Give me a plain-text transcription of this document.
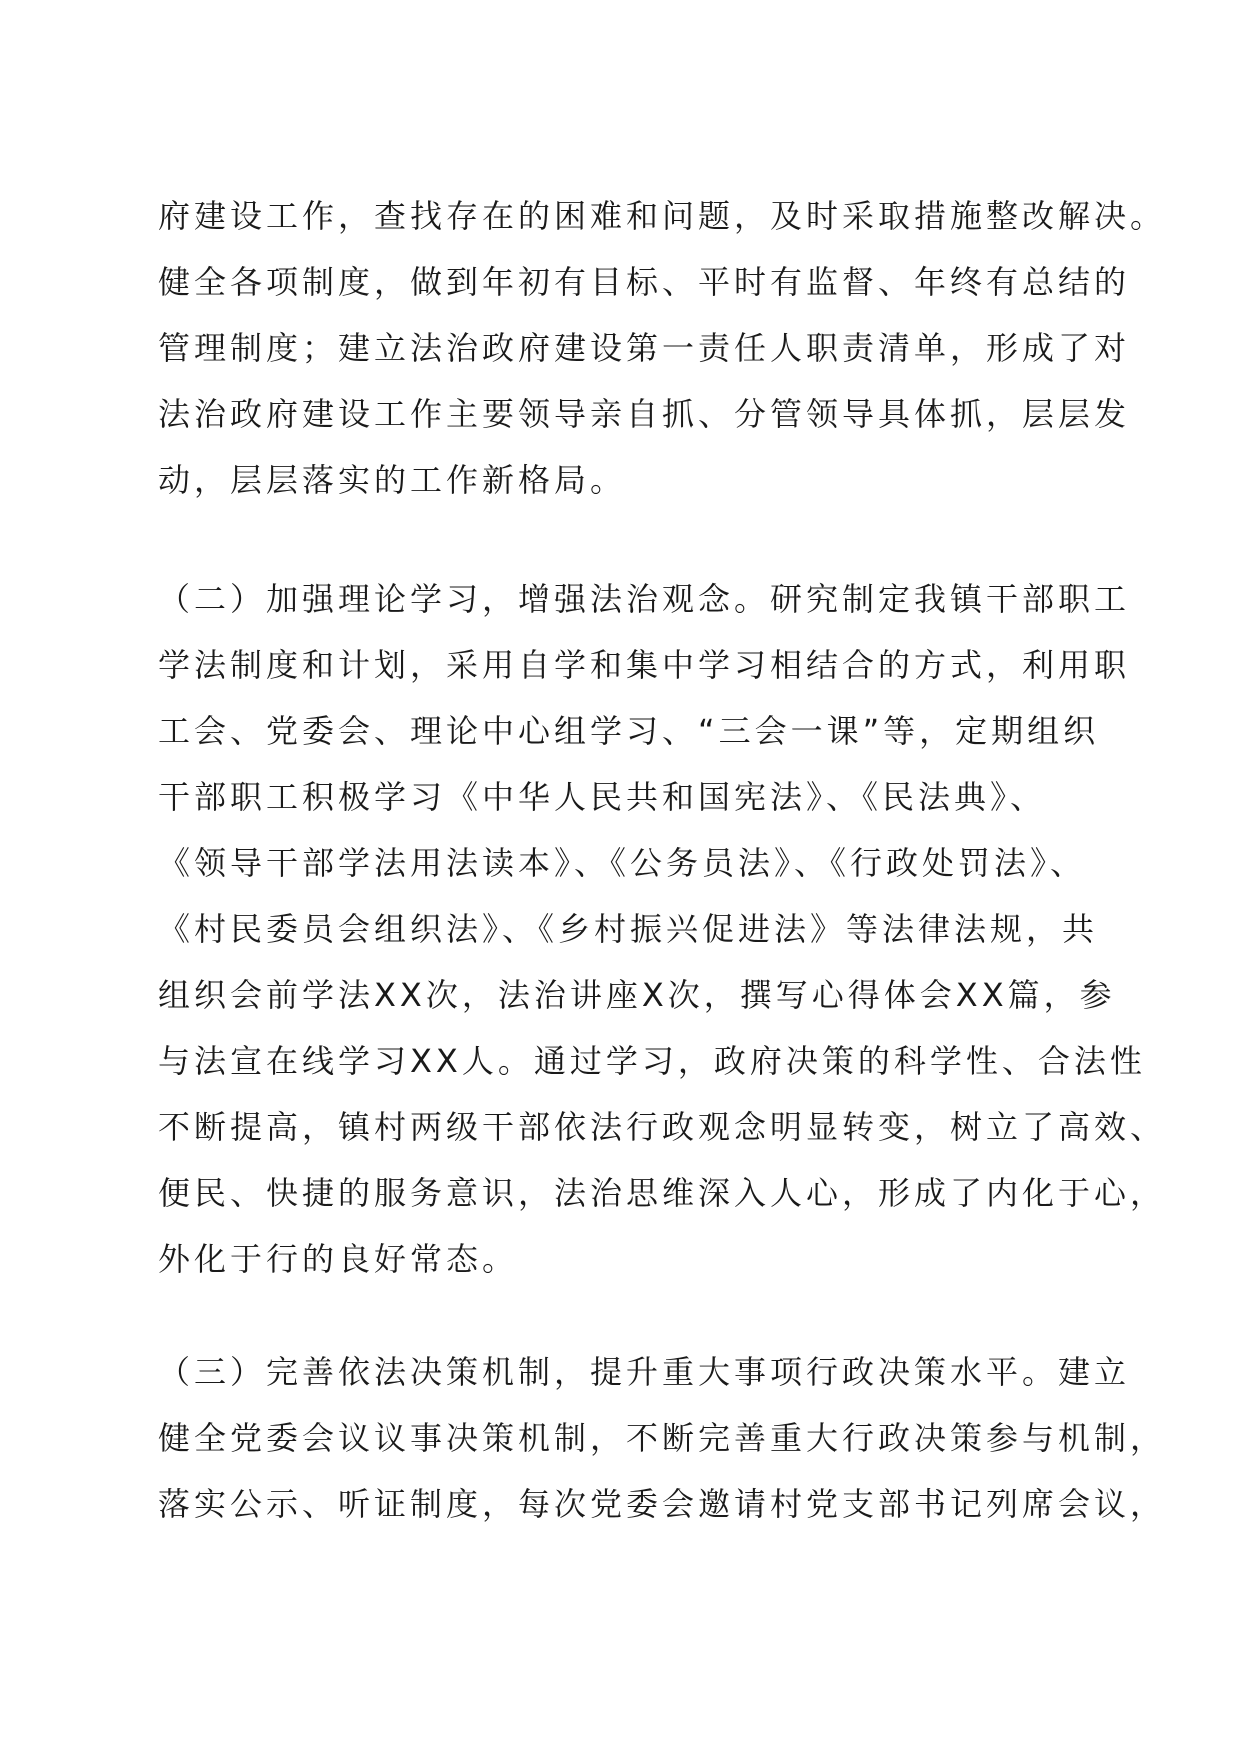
府建设工作，查找存在的困难和问题，及时采取措施整改解决。
健全各项制度，做到年初有目标、平时有监督、年终有总结的
管理制度；建立法治政府建设第一责任人职责清单，形成了对
法治政府建设工作主要领导亲自抓、分管领导具体抓，层层发
动，层层落实的工作新格局。
（二）加强理论学习，增强法治观念。研究制定我镇干部职工
学法制度和计划，采用自学和集中学习相结合的方式，利用职
工会、党委会、理论中心组学习、“三会一课”等，定期组织
干部职工积极学习《中华人民共和国宪法》、《民法典》、
《领导干部学法用法读本》、《公务员法》、《行政处罚法》、
《村民委员会组织法》、《乡村振兴促进法》等法律法规，共
组织会前学法XX次，法治讲座X次，撰写心得体会XX篇，参
与法宣在线学习XX人。通过学习，政府决策的科学性、合法性
不断提高，镇村两级干部依法行政观念明显转变，树立了高效、
便民、快捷的服务意识，法治思维深入人心，形成了内化于心，
外化于行的良好常态。
（三）完善依法决策机制，提升重大事项行政决策水平。建立
健全党委会议议事决策机制，不断完善重大行政决策参与机制，
落实公示、听证制度，每次党委会邀请村党支部书记列席会议，
